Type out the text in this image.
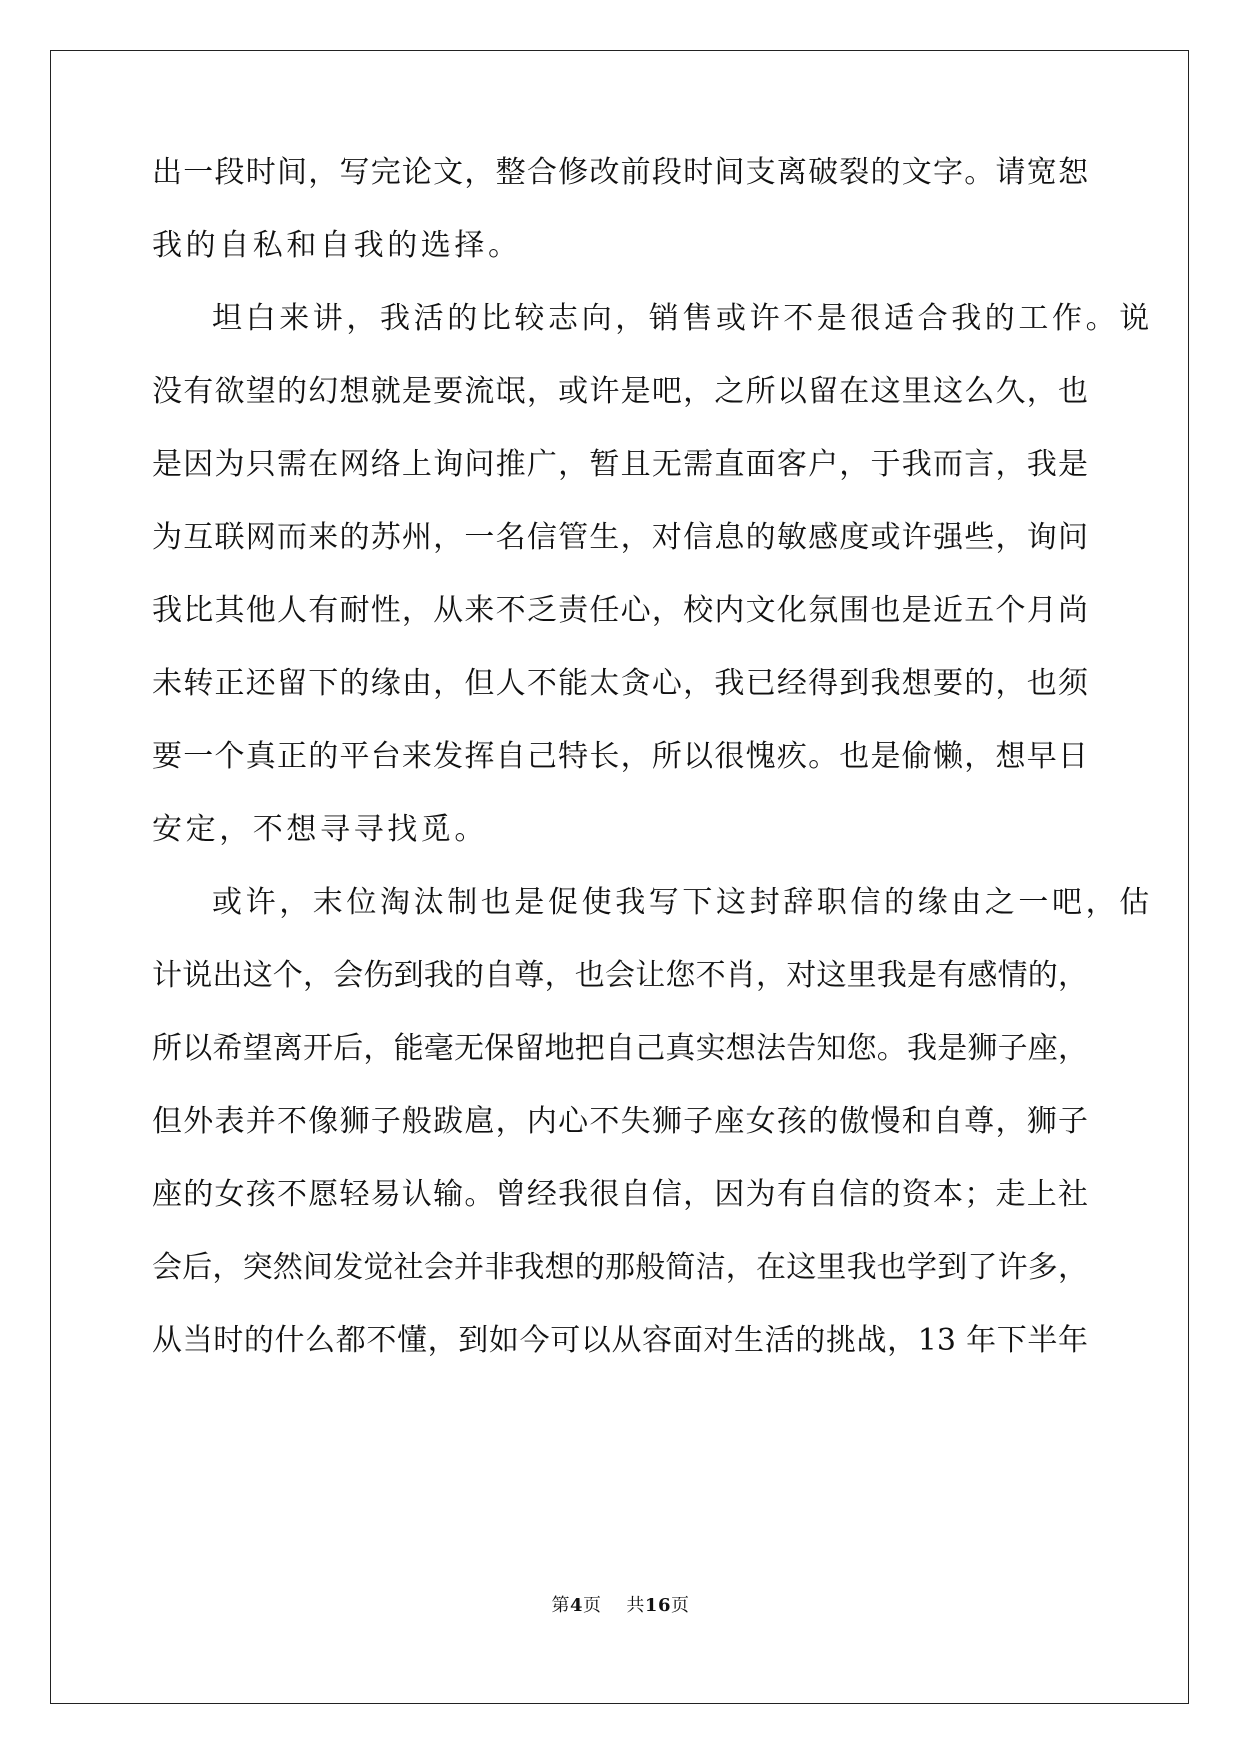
出一段时间，写完论文，整合修改前段时间支离破裂的文字。请宽恕
我的自私和自我的选择。
坦白来讲，我活的比较志向，销售或许不是很适合我的工作。说
没有欲望的幻想就是要流氓，或许是吧，之所以留在这里这么久，也
是因为只需在网络上询问推广，暂且无需直面客户，于我而言，我是
为互联网而来的苏州，一名信管生，对信息的敏感度或许强些，询问
我比其他人有耐性，从来不乏责任心，校内文化氛围也是近五个月尚
未转正还留下的缘由，但人不能太贪心，我已经得到我想要的，也须
要一个真正的平台来发挥自己特长，所以很愧疚。也是偷懒，想早日
安定，不想寻寻找觅。
或许，末位淘汰制也是促使我写下这封辞职信的缘由之一吧，估
计说出这个，会伤到我的自尊，也会让您不肖，对这里我是有感情的，
所以希望离开后，能毫无保留地把自己真实想法告知您。我是狮子座，
但外表并不像狮子般跋扈，内心不失狮子座女孩的傲慢和自尊，狮子
座的女孩不愿轻易认输。曾经我很自信，因为有自信的资本；走上社
会后，突然间发觉社会并非我想的那般简洁，在这里我也学到了许多，
从当时的什么都不懂，到如今可以从容面对生活的挑战，13 年下半年
第4页 共16页
